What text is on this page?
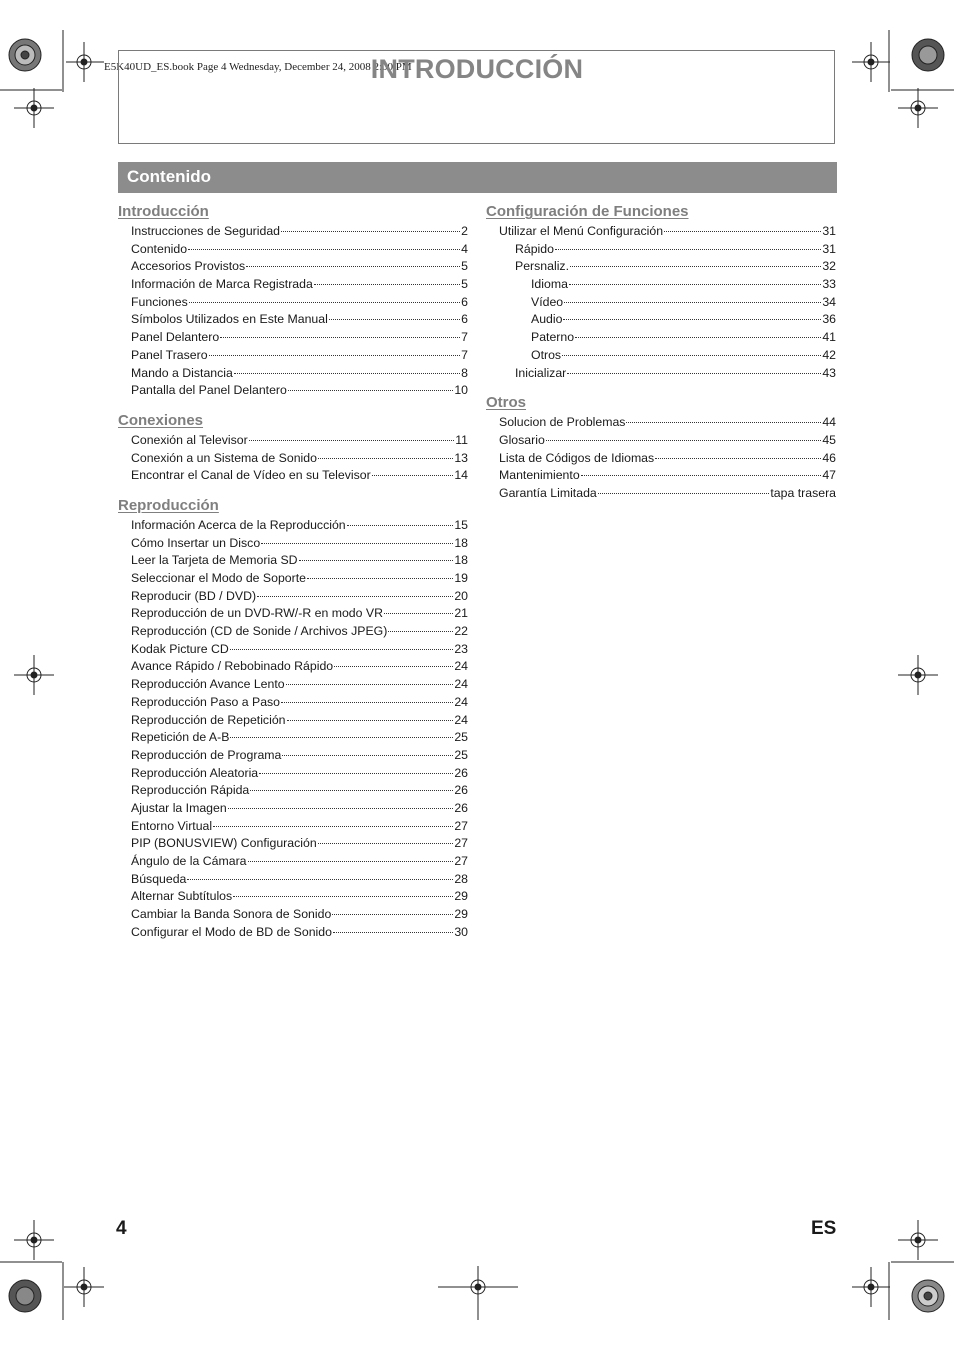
E5K40UD_ES.book Page 4 Wednesday, December 24, 2008 2:00 PM
INTRODUCCIÓN
Contenido
Introducción
Instrucciones de Seguridad	2
Contenido	4
Accesorios Provistos	5
Información de Marca Registrada	5
Funciones	6
Símbolos Utilizados en Este Manual	6
Panel Delantero	7
Panel Trasero	7
Mando a Distancia	8
Pantalla del Panel Delantero	10
Conexiones
Conexión al Televisor	11
Conexión a un Sistema de Sonido	13
Encontrar el Canal de Vídeo en su Televisor	14
Reproducción
Información Acerca de la Reproducción	15
Cómo Insertar un Disco	18
Leer la Tarjeta de Memoria SD	18
Seleccionar el Modo de Soporte	19
Reproducir (BD / DVD)	20
Reproducción de un DVD-RW/-R en modo VR	21
Reproducción (CD de Sonide / Archivos JPEG)	22
Kodak Picture CD	23
Avance Rápido / Rebobinado Rápido	24
Reproducción Avance Lento	24
Reproducción Paso a Paso	24
Reproducción de Repetición	24
Repetición de A-B	25
Reproducción de Programa	25
Reproducción Aleatoria	26
Reproducción Rápida	26
Ajustar la Imagen	26
Entorno Virtual	27
PIP (BONUSVIEW) Configuración	27
Ángulo de la Cámara	27
Búsqueda	28
Alternar Subtítulos	29
Cambiar la Banda Sonora de Sonido	29
Configurar el Modo de BD de Sonido	30
Configuración de Funciones
Utilizar el Menú Configuración	31
Rápido	31
Persnaliz.	32
Idioma	33
Vídeo	34
Audio	36
Paterno	41
Otros	42
Inicializar	43
Otros
Solucion de Problemas	44
Glosario	45
Lista de Códigos de Idiomas	46
Mantenimiento	47
Garantía Limitada	tapa trasera
4	ES
